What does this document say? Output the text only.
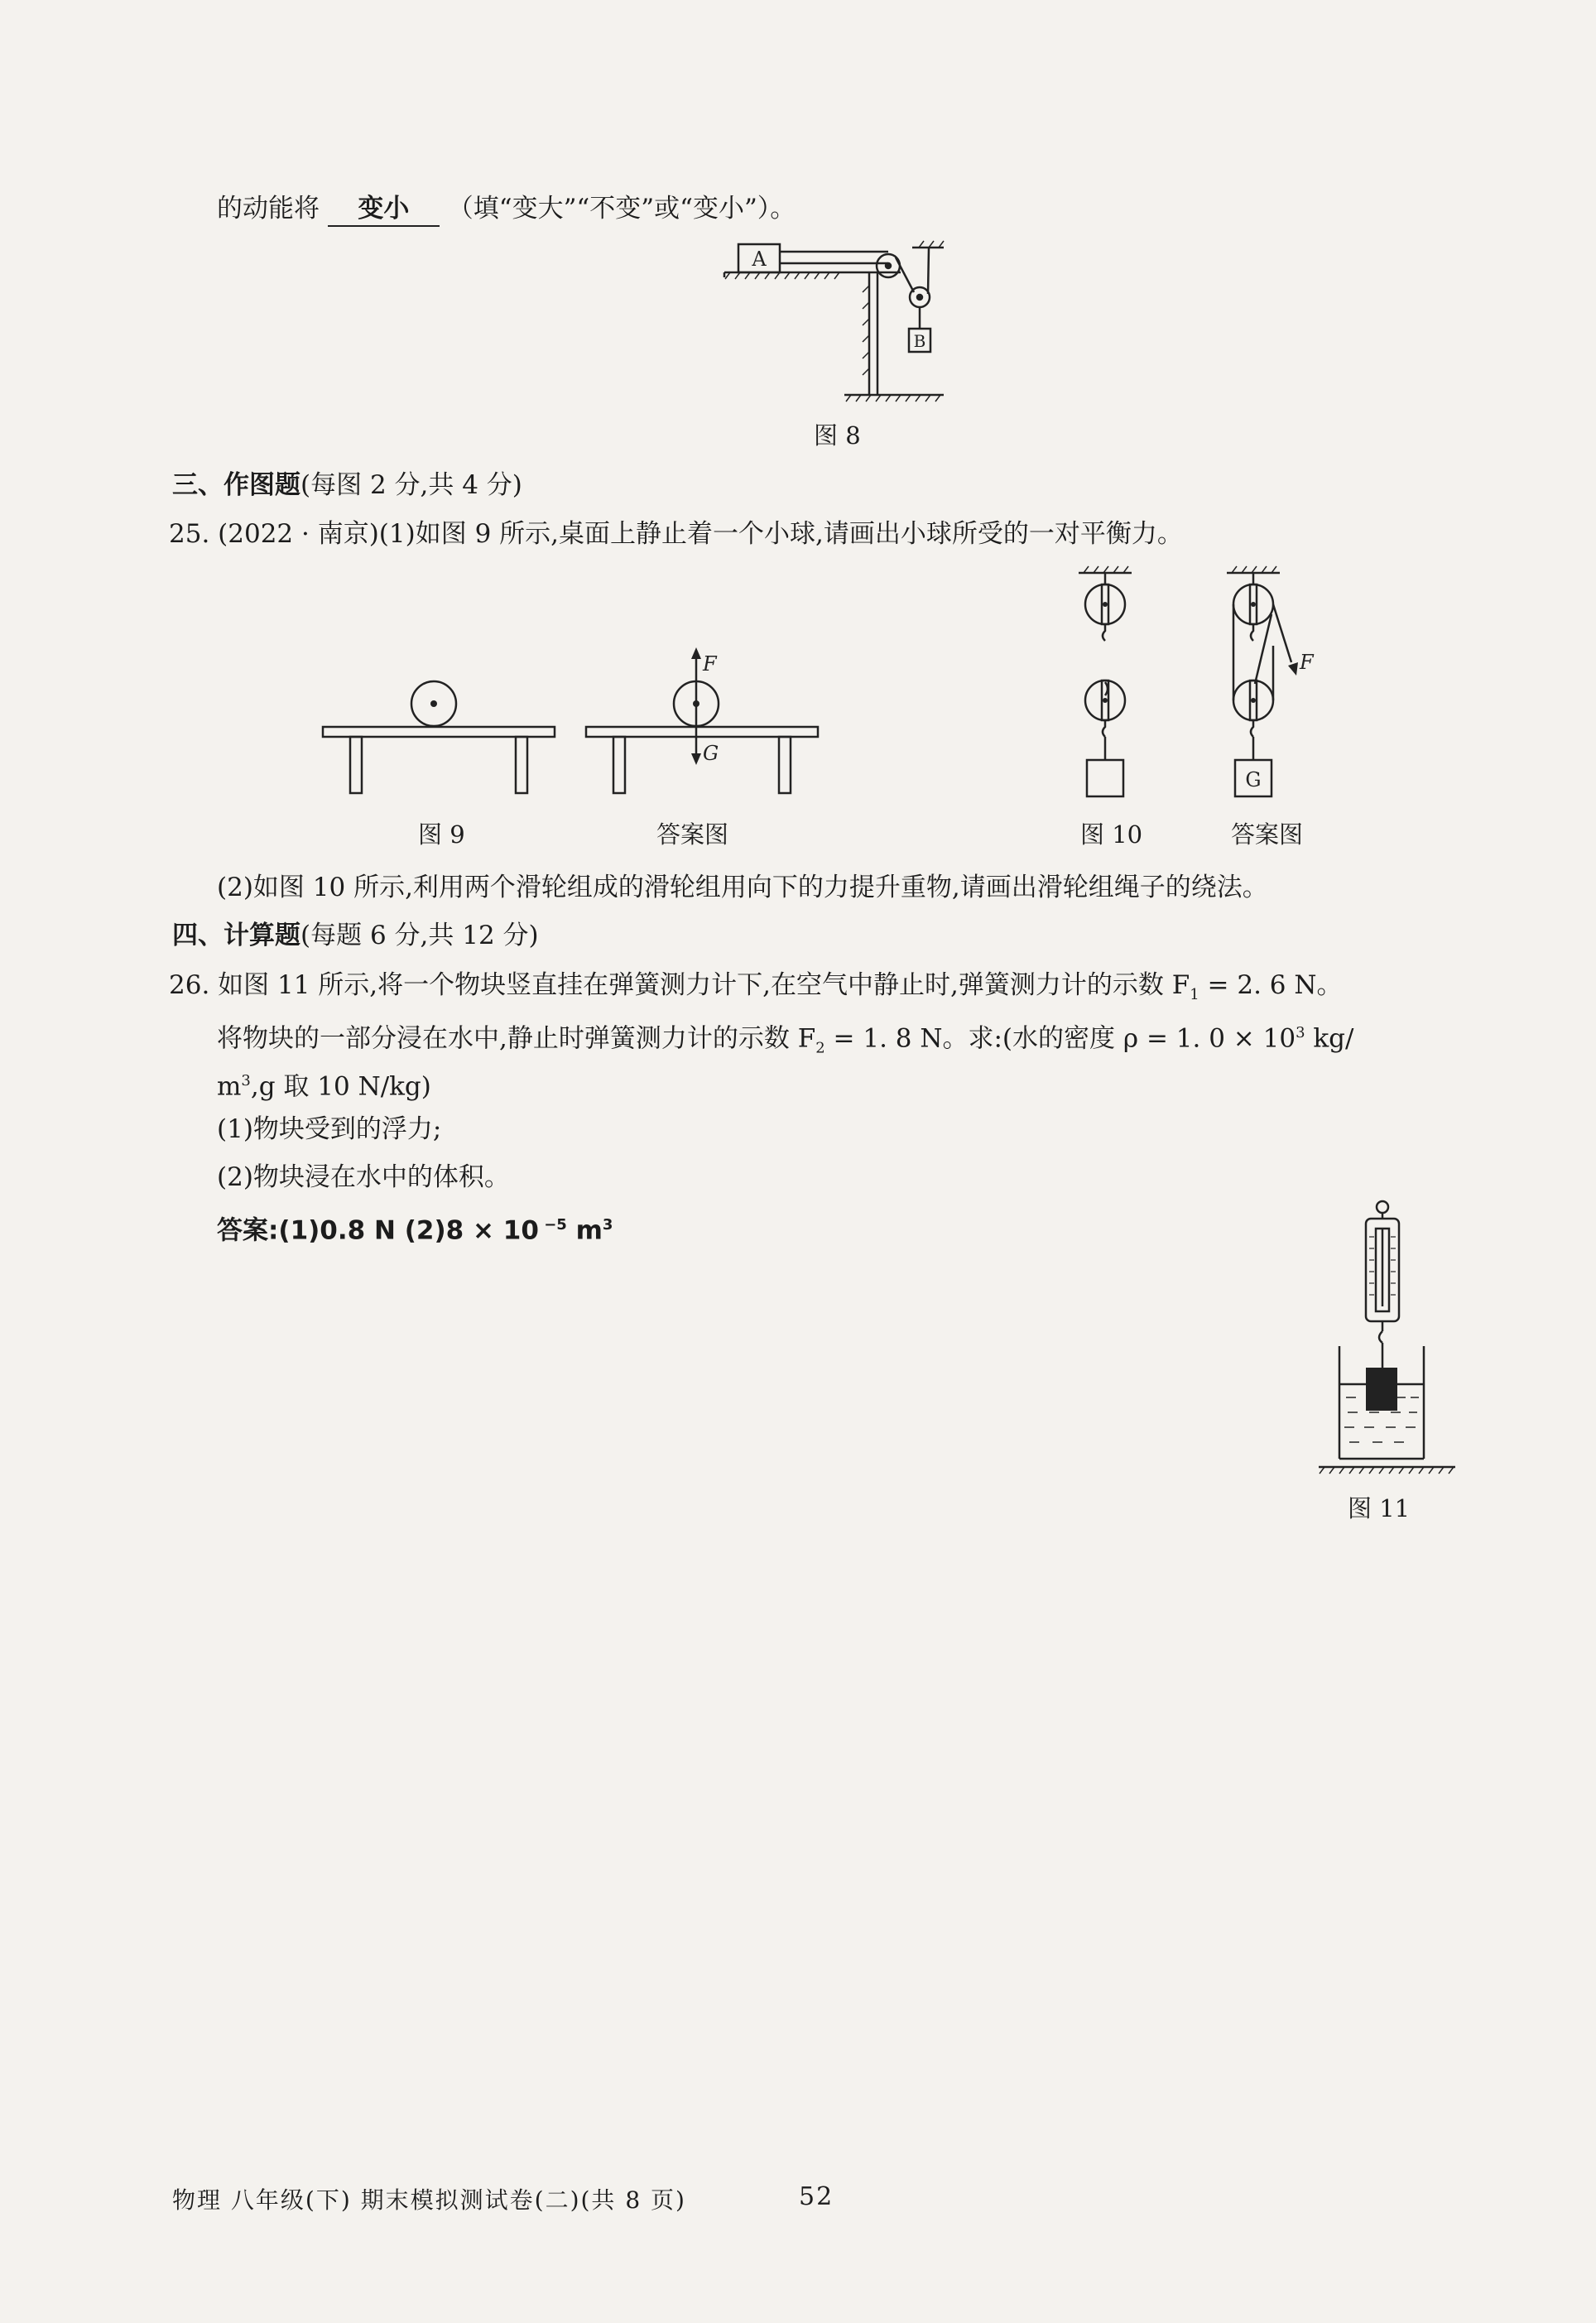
的动能将 变小 （填“变大”“不变”或“变小”）。
A
B
图 8
三、作图题(每图 2 分,共 4 分)
25. (2022 · 南京)(1)如图 9 所示,桌面上静止着一个小球,请画出小球所受的一对平衡力。
图 9
F
G
答案图	图 10
F
G
答案图
(2)如图 10 所示,利用两个滑轮组成的滑轮组用向下的力提升重物,请画出滑轮组绳子的绕法。
四、计算题(每题 6 分,共 12 分)
26. 如图 11 所示,将一个物块竖直挂在弹簧测力计下,在空气中静止时,弹簧测力计的示数 $F_1 = 2$. 6 N。
将物块的一部分浸在水中,静止时弹簧测力计的示数 $F_2 = 1$. 8 N。求:(水的密度 ρ = 1. $0 \times 10^3$ kg/
$m^3,g$ 取 10 N/kg)
(1)物块受到的浮力;
(2)物块浸在水中的体积。
答案:(1)0.8 N (2)8 × 10 $^{-5}$ $m^3$
图 11
物理 八年级(下) 期末模拟测试卷(二)(共 8 页)	52
